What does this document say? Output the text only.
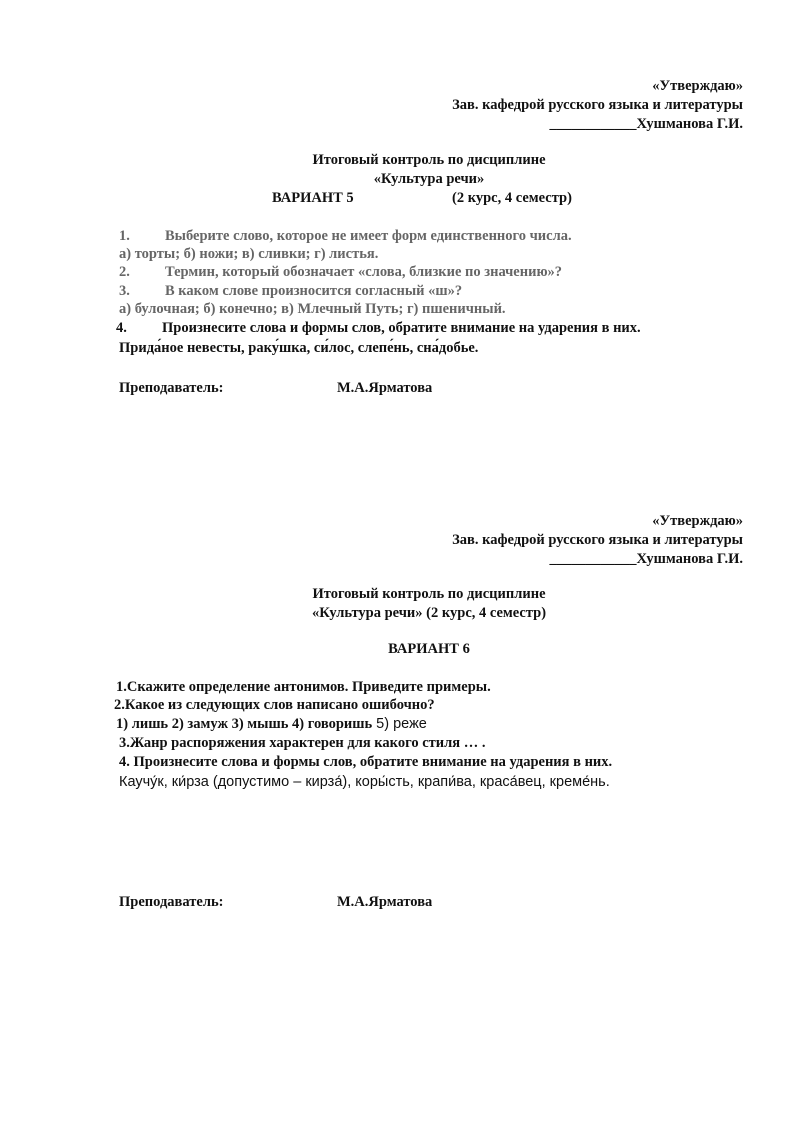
«Утверждаю»
Зав. кафедрой русского языка и литературы
____________Хушманова Г.И.
Итоговый контроль по дисциплине
«Культура речи»
ВАРИАНТ 5	(2 курс, 4 семестр)
1. Выберите слово, которое не имеет форм единственного числа.
а) торты; б) ножи; в) сливки; г) листья.
2. Термин, который обозначает «слова, близкие по значению»?
3. В каком слове произносится согласный «ш»?
а) булочная; б) конечно; в) Млечный Путь; г) пшеничный.
4. Произнесите слова и формы слов, обратите внимание на ударения в них.
Прида́ное невесты, раку́шка, си́лос, слепе́нь, сна́добье.
Преподаватель:	М.А.Ярматова
«Утверждаю»
Зав. кафедрой русского языка и литературы
____________Хушманова Г.И.
Итоговый контроль по дисциплине
«Культура речи» (2 курс, 4 семестр)
ВАРИАНТ 6
1.Скажите определение антонимов. Приведите примеры.
2.Какое из следующих слов написано ошибочно?
1) лишь 2) замуж 3) мышь 4) говоришь 5) реже
3.Жанр распоряжения характерен для какого стиля … .
4. Произнесите слова и формы слов, обратите внимание на ударения в них.
Каучу́к, ки́рза (допустимо – кирза́), коры́сть, крапи́ва, краса́вец, креме́нь.
Преподаватель:	М.А.Ярматова
